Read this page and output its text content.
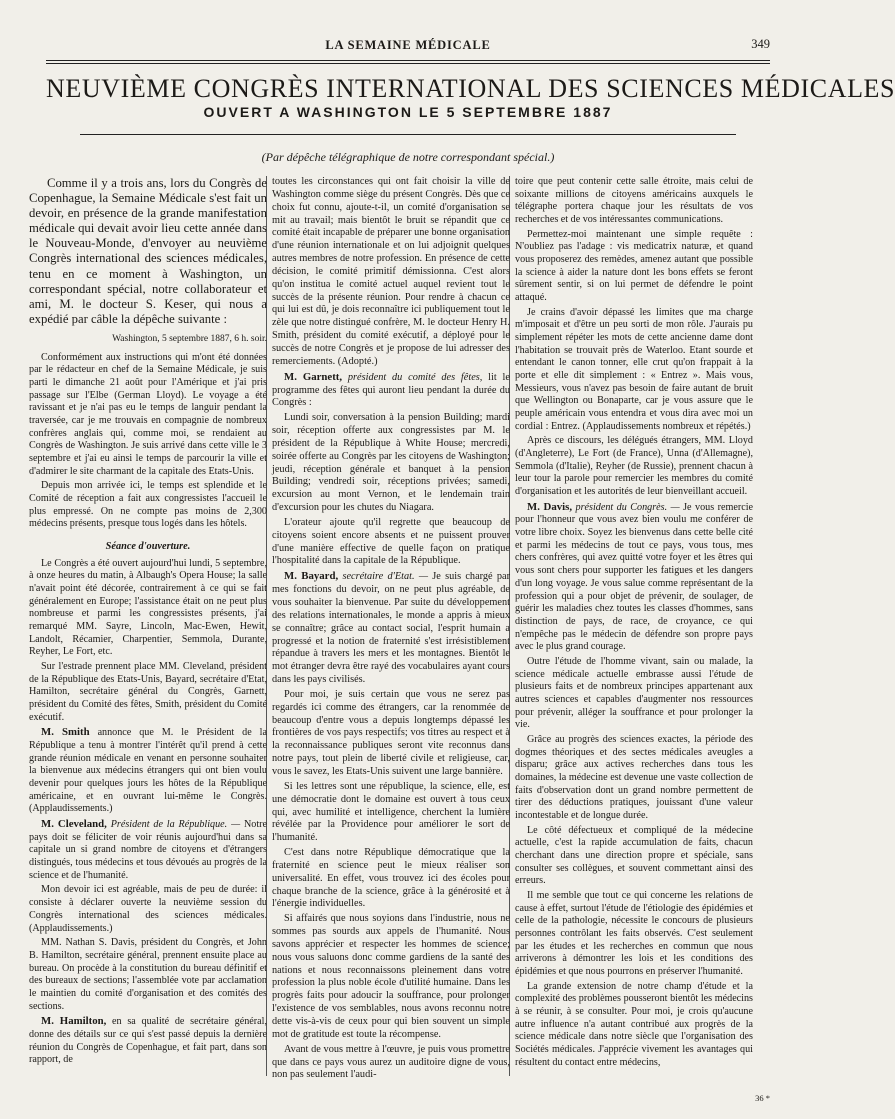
LA SEMAINE MÉDICALE	349
NEUVIÈME CONGRÈS INTERNATIONAL DES SCIENCES MÉDICALES
OUVERT A WASHINGTON LE 5 SEPTEMBRE 1887
(Par dépêche télégraphique de notre correspondant spécial.)

Comme il y a trois ans, lors du Congrès de Copenhague, la Semaine Médicale s'est fait un devoir, en présence de la grande manifestation médicale qui devait avoir lieu cette année dans le Nouveau-Monde, d'envoyer au neuvième Congrès international des sciences médicales, tenu en ce moment à Washington, un correspondant spécial, notre collaborateur et ami, M. le docteur S. Keser, qui nous a expédié par câble la dépêche suivante :

Washington, 5 septembre 1887, 6 h. soir.

Conformément aux instructions qui m'ont été données par le rédacteur en chef de la Semaine Médicale, je suis parti le dimanche 21 août pour l'Amérique et j'ai pris passage sur l'Elbe (German Lloyd). Le voyage a été ravissant et je n'ai pas eu le temps de languir pendant la traversée, car je me trouvais en compagnie de nombreux confrères anglais qui, comme moi, se rendaient au Congrès de Washington. Je suis arrivé dans cette ville le 3 septembre et j'ai eu ainsi le temps de parcourir la ville et d'admirer le site charmant de la capitale des Etats-Unis.

Depuis mon arrivée ici, le temps est splendide et le Comité de réception a fait aux congressistes l'accueil le plus empressé. On ne compte pas moins de 2,300 médecins présents, presque tous logés dans les hôtels.

Séance d'ouverture.

Le Congrès a été ouvert aujourd'hui lundi, 5 septembre, à onze heures du matin, à Albaugh's Opera House; la salle n'avait point été décorée, contrairement à ce qui se fait généralement en Europe; l'assistance était on ne peut plus nombreuse et parmi les congressistes présents, j'ai remarqué MM. Sayre, Lincoln, Mac-Ewen, Hewit, Landolt, Récamier, Charpentier, Semmola, Durante, Reyher, Le Fort, etc.

Sur l'estrade prennent place MM. Cleveland, président de la République des Etats-Unis, Bayard, secrétaire d'Etat, Hamilton, secrétaire général du Congrès, Garnett, président du Comité des fêtes, Smith, président du Comité exécutif.

M. Smith annonce que M. le Président de la République a tenu à montrer l'intérêt qu'il prend à cette grande réunion médicale en venant en personne souhaiter la bienvenue aux médecins étrangers qui ont bien voulu devenir pour quelques jours les hôtes de la République américaine, et en ouvrant lui-même le Congrès. (Applaudissements.)

M. Cleveland, Président de la République. — Notre pays doit se féliciter de voir réunis aujourd'hui dans sa capitale un si grand nombre de citoyens et d'étrangers distingués, tous médecins et tous dévoués au progrès de la science et de l'humanité.

Mon devoir ici est agréable, mais de peu de durée: il consiste à déclarer ouverte la neuvième session du Congrès international des sciences médicales. (Applaudissements.)

MM. Nathan S. Davis, président du Congrès, et John B. Hamilton, secrétaire général, prennent ensuite place au bureau. On procède à la constitution du bureau définitif et des bureaux de sections; l'assemblée vote par acclamation le maintien du comité d'organisation et des comités des sections.

M. Hamilton, en sa qualité de secrétaire général, donne des détails sur ce qui s'est passé depuis la dernière réunion du Congrès de Copenhague, et fait part, dans son rapport, de

toutes les circonstances qui ont fait choisir la ville de Washington comme siège du présent Congrès. Dès que ce choix fut connu, ajoute-t-il, un comité d'organisation se mit au travail; mais bientôt le bruit se répandit que ce comité était incapable de préparer une bonne organisation d'une réunion internationale et on lui adjoignit quelques autres membres de notre profession. En présence de cette décision, le comité primitif démissionna. C'est alors qu'on institua le comité actuel auquel revient tout le succès de la présente réunion. Pour rendre à chacun ce qui lui est dû, je dois reconnaître ici publiquement tout le zèle que notre distingué confrère, M. le docteur Henry H. Smith, président du comité exécutif, a déployé pour le succès de notre Congrès et je propose de lui adresser des remerciements. (Adopté.)

M. Garnett, président du comité des fêtes, lit le programme des fêtes qui auront lieu pendant la durée du Congrès :

Lundi soir, conversation à la pension Building; mardi soir, réception offerte aux congressistes par M. le président de la République à White House; mercredi, soirée offerte au Congrès par les citoyens de Washington; jeudi, réception générale et banquet à la pension Building; vendredi soir, réceptions privées; samedi, excursion au mont Vernon, et le lendemain train d'excursion pour les chutes du Niagara.

L'orateur ajoute qu'il regrette que beaucoup de citoyens soient encore absents et ne puissent prouver d'une manière effective de quelle façon on pratique l'hospitalité dans la capitale de la République.

M. Bayard, secrétaire d'Etat. — Je suis chargé par mes fonctions du devoir, on ne peut plus agréable, de vous souhaiter la bienvenue. Par suite du développement des relations internationales, le monde a appris à mieux se connaître; grâce au contact social, l'esprit humain a progressé et la notion de fraternité s'est irrésistiblement répandue à travers les mers et les montagnes. Bientôt le mot étranger devra être rayé des vocabulaires ayant cours dans les pays civilisés.

Pour moi, je suis certain que vous ne serez pas regardés ici comme des étrangers, car la renommée de beaucoup d'entre vous a depuis longtemps dépassé les frontières de vos pays respectifs; vos titres au respect et à la reconnaissance publiques seront vite reconnus dans notre pays, tout plein de liberté civile et religieuse, car, vous le savez, les Etats-Unis suivent une large bannière.

Si les lettres sont une république, la science, elle, est une démocratie dont le domaine est ouvert à tous ceux qui, avec humilité et intelligence, cherchent la lumière révélée par la Providence pour améliorer le sort de l'humanité.

C'est dans notre République démocratique que la fraternité en science peut le mieux réaliser son universalité. En effet, vous trouvez ici des écoles pour chaque branche de la science, grâce à la générosité et à l'énergie individuelles.

Si affairés que nous soyions dans l'industrie, nous ne sommes pas sourds aux appels de l'humanité. Nous savons apprécier et respecter les hommes de science; nous vous saluons donc comme gardiens de la santé des nations et nous reconnaissons pleinement dans votre profession la plus noble école d'utilité humaine. Dans les progrès faits pour adoucir la souffrance, pour prolonger l'existence de vos semblables, nous avons reconnu notre dette vis-à-vis de ceux pour qui bien souvent un simple mot de gratitude est toute la récompense.

Avant de vous mettre à l'œuvre, je puis vous promettre que dans ce pays vous aurez un auditoire digne de vous, non pas seulement l'audi-

toire que peut contenir cette salle étroite, mais celui de soixante millions de citoyens américains auxquels le télégraphe portera chaque jour les résultats de vos recherches et de vos intéressantes communications.

Permettez-moi maintenant une simple requête : N'oubliez pas l'adage : vis medicatrix naturæ, et quand vous proposerez des remèdes, amenez autant que possible la science à aider la nature dont les bons effets se feront sûrement sentir, si on lui permet de défendre le point attaqué.

Je crains d'avoir dépassé les limites que ma charge m'imposait et d'être un peu sorti de mon rôle. J'aurais pu simplement répéter les mots de cette ancienne dame dont l'habitation se trouvait près de Waterloo. Etant sourde et entendant le canon tonner, elle crut qu'on frappait à la porte et elle dit simplement : « Entrez ». Mais vous, Messieurs, vous n'avez pas besoin de faire autant de bruit que Wellington ou Bonaparte, car je vous assure que le peuple américain vous entendra et vous dira avec moi un cordial : Entrez. (Applaudissements nombreux et répétés.)

Après ce discours, les délégués étrangers, MM. Lloyd (d'Angleterre), Le Fort (de France), Unna (d'Allemagne), Semmola (d'Italie), Reyher (de Russie), prennent chacun à leur tour la parole pour remercier les membres du comité d'organisation et les autorités de leur bienveillant accueil.

M. Davis, président du Congrès. — Je vous remercie pour l'honneur que vous avez bien voulu me conférer de votre libre choix. Soyez les bienvenus dans cette belle cité et parmi les médecins de tout ce pays, vous tous, mes chers confrères, qui avez quitté votre foyer et les êtres qui vous sont chers pour supporter les fatigues et les dangers d'un long voyage. Je vous salue comme représentant de la profession qui a pour objet de prévenir, de soulager, de guérir les maladies chez toutes les classes d'hommes, sans distinction de pays, de race, de croyance, ce qui n'empêche pas le médecin de défendre son propre pays avec le plus grand courage.

Outre l'étude de l'homme vivant, sain ou malade, la science médicale actuelle embrasse aussi l'étude de plusieurs faits et de nombreux principes appartenant aux autres sciences et capables d'augmenter nos ressources pour prévenir, alléger la souffrance et pour prolonger la vie.

Grâce au progrès des sciences exactes, la période des dogmes théoriques et des sectes médicales aveugles a disparu; grâce aux actives recherches dans tous les domaines, la médecine est devenue une vaste collection de faits d'observation dont un grand nombre permettent de tirer des déductions pratiques, jouissant d'une valeur incontestable et de longue durée.

Le côté défectueux et compliqué de la médecine actuelle, c'est la rapide accumulation de faits, chacun cherchant dans une direction propre et spéciale, sans consulter ses collègues, et souvent commettant ainsi des erreurs.

Il me semble que tout ce qui concerne les relations de cause à effet, surtout l'étude de l'étiologie des épidémies et celle de la pathologie, nécessite le concours de plusieurs personnes contrôlant les faits observés. C'est seulement par les études et les recherches en commun que nous arriverons à démontrer les lois et les conditions des épidémies et que nous pourrons en préserver l'humanité.

La grande extension de notre champ d'étude et la complexité des problèmes pousseront bientôt les médecins à se réunir, à se consulter. Pour moi, je crois qu'aucune autre influence n'a autant contribué aux progrès de la science médicale dans notre siècle que l'organisation des Sociétés médicales. J'apprécie vivement les avantages qui résultent du contact entre médecins,

36 *
